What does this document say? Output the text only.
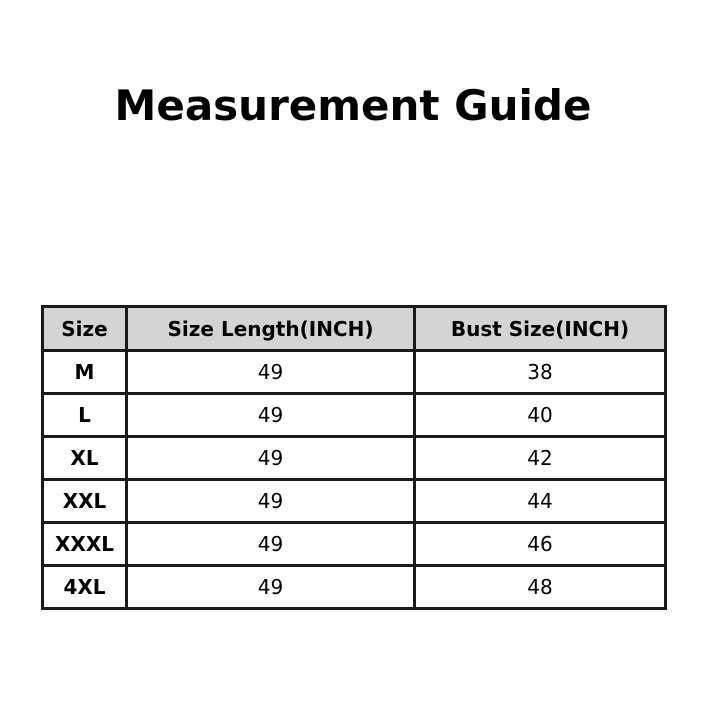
Measurement Guide
Size	Size Length(INCH)	Bust Size(INCH)
M	49	38
L	49	40
XL	49	42
XXL	49	44
XXXL	49	46
4XL	49	48
